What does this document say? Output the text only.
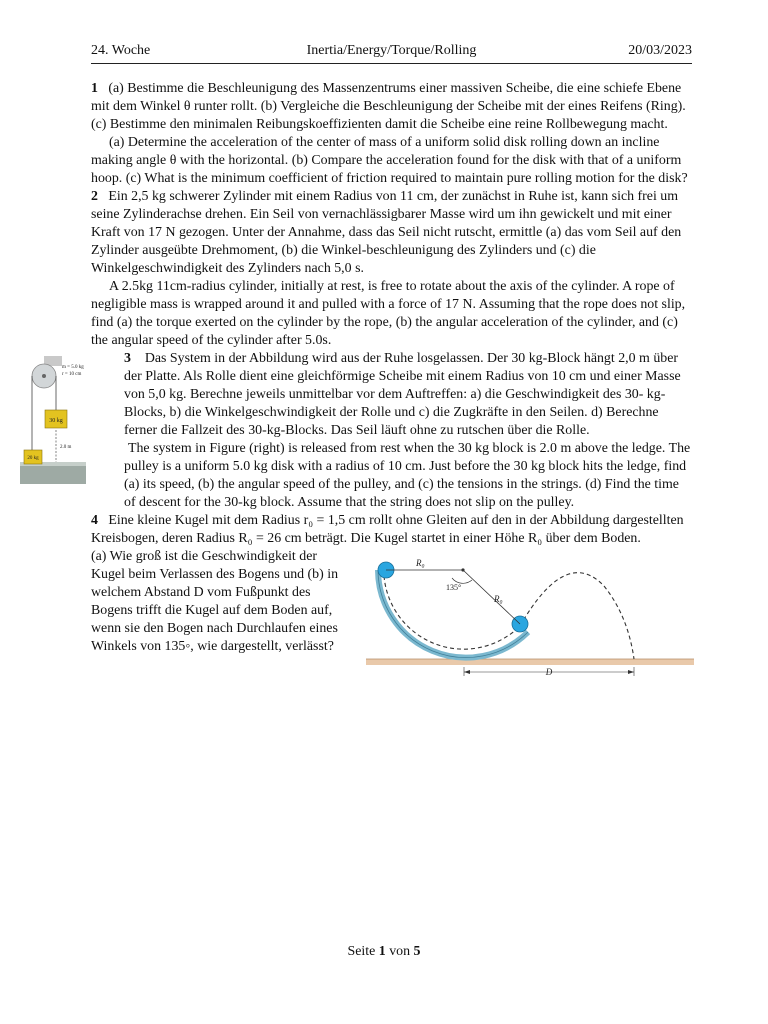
24. Woche	Inertia/Energy/Torque/Rolling	20/03/2023

1 (a) Bestimme die Beschleunigung des Massenzentrums einer massiven Scheibe, die eine schiefe Ebene mit dem Winkel θ runter rollt. (b) Vergleiche die Beschleunigung der Scheibe mit der eines Reifens (Ring). (c) Bestimme den minimalen Reibungskoeffizienten damit die Scheibe eine reine Rollbewegung macht.

(a) Determine the acceleration of the center of mass of a uniform solid disk rolling down an incline making angle θ with the horizontal. (b) Compare the acceleration found for the disk with that of a uniform hoop. (c) What is the minimum coefficient of friction required to maintain pure rolling motion for the disk?

2 Ein 2,5 kg schwerer Zylinder mit einem Radius von 11 cm, der zunächst in Ruhe ist, kann sich frei um seine Zylinderachse drehen. Ein Seil von vernachlässigbarer Masse wird um ihn gewickelt und mit einer Kraft von 17 N gezogen. Unter der Annahme, dass das Seil nicht rutscht, ermittle (a) das vom Seil auf den Zylinder ausgeübte Drehmoment, (b) die Winkel-beschleunigung des Zylinders und (c) die Winkelgeschwindigkeit des Zylinders nach 5,0 s.

A 2.5kg 11cm-radius cylinder, initially at rest, is free to rotate about the axis of the cylinder. A rope of negligible mass is wrapped around it and pulled with a force of 17 N. Assuming that the rope does not slip, find (a) the torque exerted on the cylinder by the rope, (b) the angular acceleration of the cylinder, and (c) the angular speed of the cylinder after 5.0s.

30 kg
2.0 m
20 kg
m = 5.0 kg
r = 10 cm

3 Das System in der Abbildung wird aus der Ruhe losgelassen. Der 30 kg-Block hängt 2,0 m über der Platte. Als Rolle dient eine gleichförmige Scheibe mit einem Radius von 10 cm und einer Masse von 5,0 kg. Berechne jeweils unmittelbar vor dem Auftreffen: a) die Geschwindigkeit des 30- kg-Blocks, b) die Winkelgeschwindigkeit der Rolle und c) die Zugkräfte in den Seilen. d) Berechne ferner die Fallzeit des 30-kg-Blocks. Das Seil läuft ohne zu rutschen über die Rolle.

The system in Figure (right) is released from rest when the 30 kg block is 2.0 m above the ledge. The pulley is a uniform 5.0 kg disk with a radius of 10 cm. Just before the 30 kg block hits the ledge, find (a) its speed, (b) the angular speed of the pulley, and (c) the tensions in the strings. (d) Find the time of descent for the 30-kg block. Assume that the string does not slip on the pulley.

4 Eine kleine Kugel mit dem Radius r₀ = 1,5 cm rollt ohne Gleiten auf den in der Abbildung dargestellten Kreisbogen, deren Radius R₀ = 26 cm beträgt. Die Kugel startet in einer Höhe R₀ über dem Boden.

(a) Wie groß ist die Geschwindigkeit der Kugel beim Verlassen des Bogens und (b) in welchem Abstand D vom Fußpunkt des Bogens trifft die Kugel auf dem Boden auf, wenn sie den Bogen nach Durchlaufen eines Winkels von 135◦, wie dargestellt, verlässt?

R₀
R₀
135°
D
Seite 1 von 5
